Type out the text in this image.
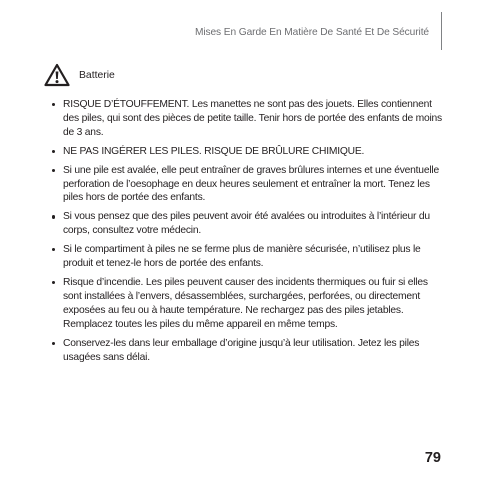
Mises En Garde En Matière De Santé Et De Sécurité
Batterie
RISQUE D’ÉTOUFFEMENT. Les manettes ne sont pas des jouets. Elles contiennent des piles, qui sont des pièces de petite taille. Tenir hors de portée des enfants de moins de 3 ans.
NE PAS INGÉRER LES PILES. RISQUE DE BRÛLURE CHIMIQUE.
Si une pile est avalée, elle peut entraîner de graves brûlures internes et une éventuelle perforation de l’oesophage en deux heures seulement et entraîner la mort. Tenez les piles hors de portée des enfants.
Si vous pensez que des piles peuvent avoir été avalées ou introduites à l’intérieur du corps, consultez votre médecin.
Si le compartiment à piles ne se ferme plus de manière sécurisée, n’utilisez plus le produit et tenez-le hors de portée des enfants.
Risque d’incendie. Les piles peuvent causer des incidents thermiques ou fuir si elles sont installées à l’envers, désassemblées, surchargées, perforées, ou directement exposées au feu ou à haute température. Ne rechargez pas des piles jetables. Remplacez toutes les piles du même appareil en même temps.
Conservez-les dans leur emballage d’origine jusqu’à leur utilisation. Jetez les piles usagées sans délai.
79
